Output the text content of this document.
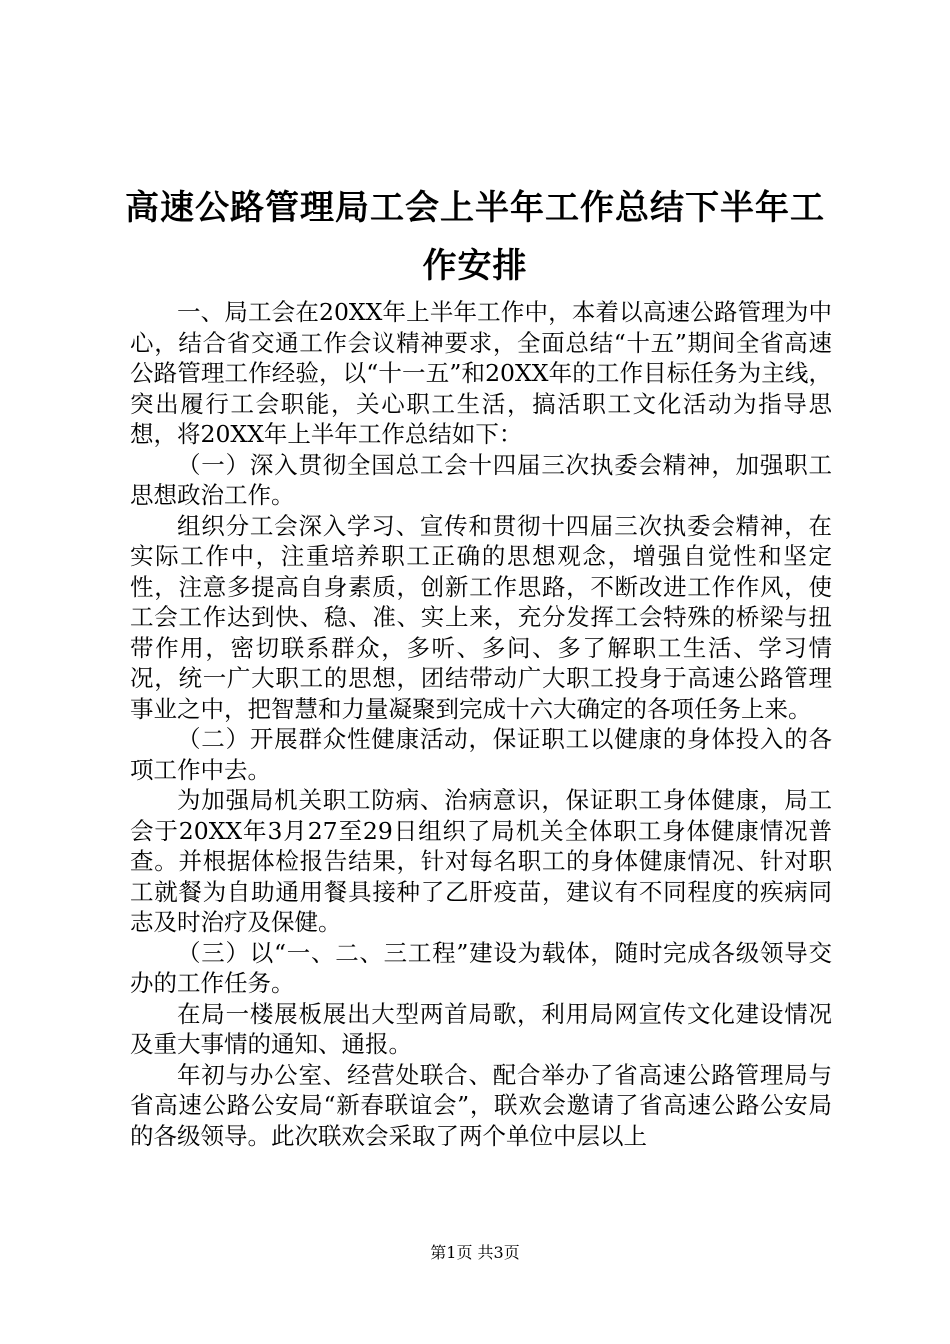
高速公路管理局工会上半年工作总结下半年工作安排

一、局工会在20XX年上半年工作中，本着以高速公路管理为中心，结合省交通工作会议精神要求，全面总结“十五”期间全省高速公路管理工作经验，以“十一五”和20XX年的工作目标任务为主线，突出履行工会职能，关心职工生活，搞活职工文化活动为指导思想，将20XX年上半年工作总结如下：

（一）深入贯彻全国总工会十四届三次执委会精神，加强职工思想政治工作。

组织分工会深入学习、宣传和贯彻十四届三次执委会精神，在实际工作中，注重培养职工正确的思想观念，增强自觉性和坚定性，注意多提高自身素质，创新工作思路，不断改进工作作风，使工会工作达到快、稳、准、实上来，充分发挥工会特殊的桥梁与扭带作用，密切联系群众，多听、多问、多了解职工生活、学习情况，统一广大职工的思想，团结带动广大职工投身于高速公路管理事业之中，把智慧和力量凝聚到完成十六大确定的各项任务上来。

（二）开展群众性健康活动，保证职工以健康的身体投入的各项工作中去。

为加强局机关职工防病、治病意识，保证职工身体健康，局工会于20XX年3月27至29日组织了局机关全体职工身体健康情况普查。并根据体检报告结果，针对每名职工的身体健康情况、针对职工就餐为自助通用餐具接种了乙肝疫苗，建议有不同程度的疾病同志及时治疗及保健。

（三）以“一、二、三工程”建设为载体，随时完成各级领导交办的工作任务。

在局一楼展板展出大型两首局歌，利用局网宣传文化建设情况及重大事情的通知、通报。

年初与办公室、经营处联合、配合举办了省高速公路管理局与省高速公路公安局“新春联谊会”，联欢会邀请了省高速公路公安局的各级领导。此次联欢会采取了两个单位中层以上

第1页 共3页
